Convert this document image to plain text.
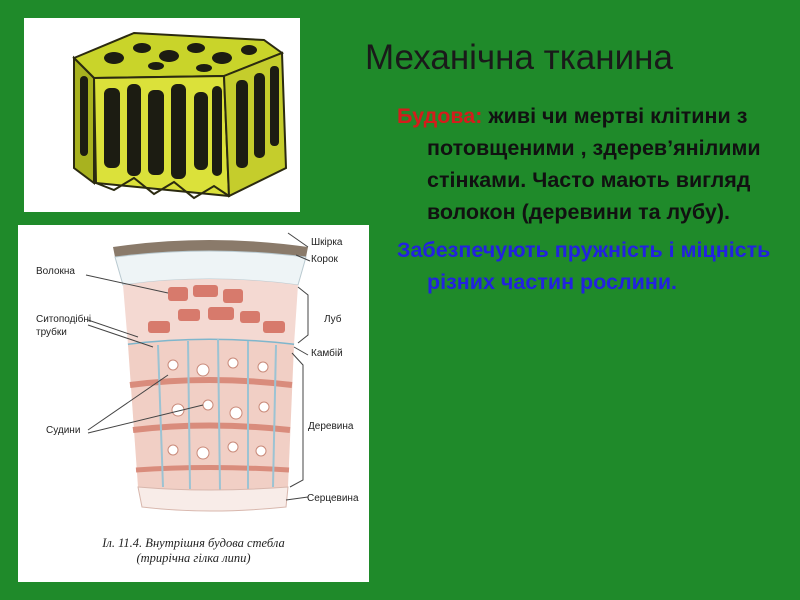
Шкірка
Корок
Волокна
Ситоподібні трубки
Луб
Камбій
Судини	Деревина
Серцевина
Іл. 11.4. Внутрішня будова стебла
(трирічна гілка липи)
Механічна тканина

Будова: живі чи мертві клітини з потовщеними , здерев’янілими стінками. Часто мають вигляд волокон (деревини та лубу).

Забезпечують пружність і міцність різних частин рослини.
